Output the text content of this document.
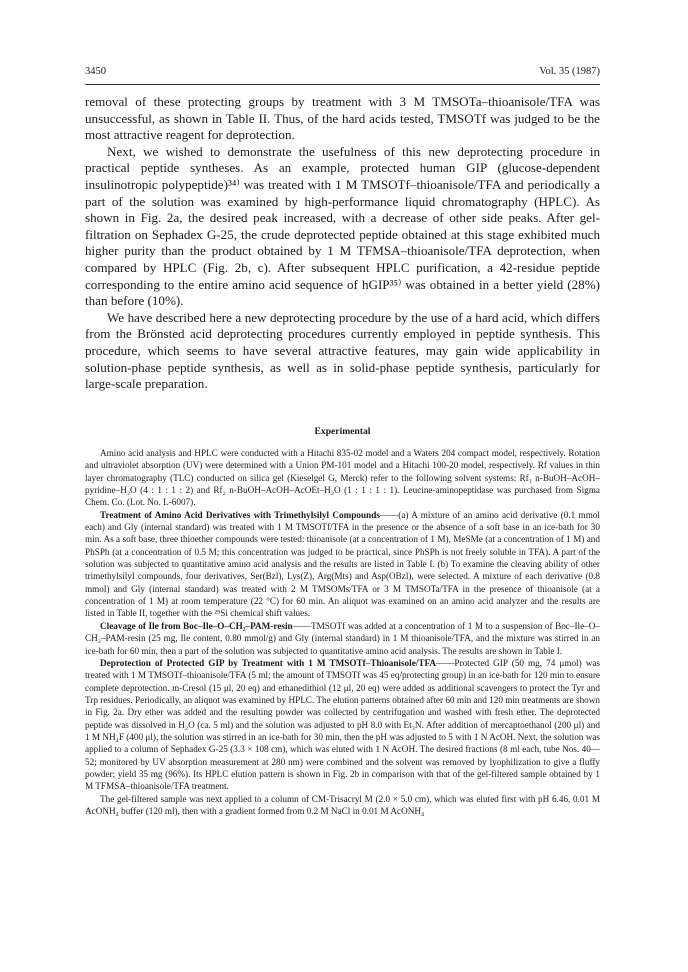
3450	Vol. 35 (1987)

removal of these protecting groups by treatment with 3 M TMSOTa–thioanisole/TFA was unsuccessful, as shown in Table II. Thus, of the hard acids tested, TMSOTf was judged to be the most attractive reagent for deprotection.

Next, we wished to demonstrate the usefulness of this new deprotecting procedure in practical peptide syntheses. As an example, protected human GIP (glucose-dependent insulinotropic polypeptide)³⁴⁾ was treated with 1 M TMSOTf–thioanisole/TFA and periodically a part of the solution was examined by high-performance liquid chromatography (HPLC). As shown in Fig. 2a, the desired peak increased, with a decrease of other side peaks. After gel-filtration on Sephadex G-25, the crude deprotected peptide obtained at this stage exhibited much higher purity than the product obtained by 1 M TFMSA–thioanisole/TFA deprotection, when compared by HPLC (Fig. 2b, c). After subsequent HPLC purification, a 42-residue peptide corresponding to the entire amino acid sequence of hGIP³⁵⁾ was obtained in a better yield (28%) than before (10%).

We have described here a new deprotecting procedure by the use of a hard acid, which differs from the Brönsted acid deprotecting procedures currently employed in peptide synthesis. This procedure, which seems to have several attractive features, may gain wide applicability in solution-phase peptide synthesis, as well as in solid-phase peptide synthesis, particularly for large-scale preparation.

Experimental

Amino acid analysis and HPLC were conducted with a Hitachi 835-02 model and a Waters 204 compact model, respectively. Rotation and ultraviolet absorption (UV) were determined with a Union PM-101 model and a Hitachi 100-20 model, respectively. Rf values in thin layer chromatography (TLC) conducted on silica gel (Kieselgel G, Merck) refer to the following solvent systems: Rf₁ n-BuOH–AcOH–pyridine–H₂O (4 : 1 : 1 : 2) and Rf₂ n-BuOH–AcOH–AcOEt–H₂O (1 : 1 : 1 : 1). Leucine-aminopeptidase was purchased from Sigma Chem. Co. (Lot. No. L-6007).

Treatment of Amino Acid Derivatives with Trimethylsilyl Compounds——(a) A mixture of an amino acid derivative (0.1 mmol each) and Gly (internal standard) was treated with 1 M TMSOTf/TFA in the presence or the absence of a soft base in an ice-bath for 30 min. As a soft base, three thioether compounds were tested: thioanisole (at a concentration of 1 M), MeSMe (at a concentration of 1 M) and PhSPh (at a concentration of 0.5 M; this concentration was judged to be practical, since PhSPh is not freely soluble in TFA). A part of the solution was subjected to quantitative amino acid analysis and the results are listed in Table I. (b) To examine the cleaving ability of other trimethylsilyl compounds, four derivatives, Ser(Bzl), Lys(Z), Arg(Mts) and Asp(OBzl), were selected. A mixture of each derivative (0.8 mmol) and Gly (internal standard) was treated with 2 M TMSOMs/TFA or 3 M TMSOTa/TFA in the presence of thioanisole (at a concentration of 1 M) at room temperature (22 °C) for 60 min. An aliquot was examined on an amino acid analyzer and the results are listed in Table II, together with the ²⁹Si chemical shift values.

Cleavage of Ile from Boc–Ile–O–CH₂–PAM-resin——TMSOTf was added at a concentration of 1 M to a suspension of Boc–Ile–O–CH₂–PAM-resin (25 mg, Ile content, 0.80 mmol/g) and Gly (internal standard) in 1 M thioanisole/TFA, and the mixture was stirred in an ice-bath for 60 min, then a part of the solution was subjected to quantitative amino acid analysis. The results are shown in Table I.

Deprotection of Protected GIP by Treatment with 1 M TMSOTf–Thioanisole/TFA——Protected GIP (50 mg, 74 μmol) was treated with 1 M TMSOTf–thioanisole/TFA (5 ml; the amount of TMSOTf was 45 eq/protecting group) in an ice-bath for 120 min to ensure complete deprotection. m-Cresol (15 μl, 20 eq) and ethanedithiol (12 μl, 20 eq) were added as additional scavengers to protect the Tyr and Trp residues. Periodically, an aliquot was examined by HPLC. The elution patterns obtained after 60 min and 120 min treatments are shown in Fig. 2a. Dry ether was added and the resulting powder was collected by centrifugation and washed with fresh ether. The deprotected peptide was dissolved in H₂O (ca. 5 ml) and the solution was adjusted to pH 8.0 with Et₃N. After addition of mercaptoethanol (200 μl) and 1 M NH₄F (400 μl), the solution was stirred in an ice-bath for 30 min, then the pH was adjusted to 5 with 1 N AcOH. Next, the solution was applied to a column of Sephadex G-25 (3.3 × 108 cm), which was eluted with 1 N AcOH. The desired fractions (8 ml each, tube Nos. 40—52; monitored by UV absorption measurement at 280 nm) were combined and the solvent was removed by lyophilization to give a fluffy powder; yield 35 mg (96%). Its HPLC elution pattern is shown in Fig. 2b in comparison with that of the gel-filtered sample obtained by 1 M TFMSA–thioanisole/TFA treatment.

The gel-filtered sample was next applied to a column of CM-Trisacryl M (2.0 × 5.0 cm), which was eluted first with pH 6.46, 0.01 M AcONH₄ buffer (120 ml), then with a gradient formed from 0.2 M NaCl in 0.01 M AcONH₄
